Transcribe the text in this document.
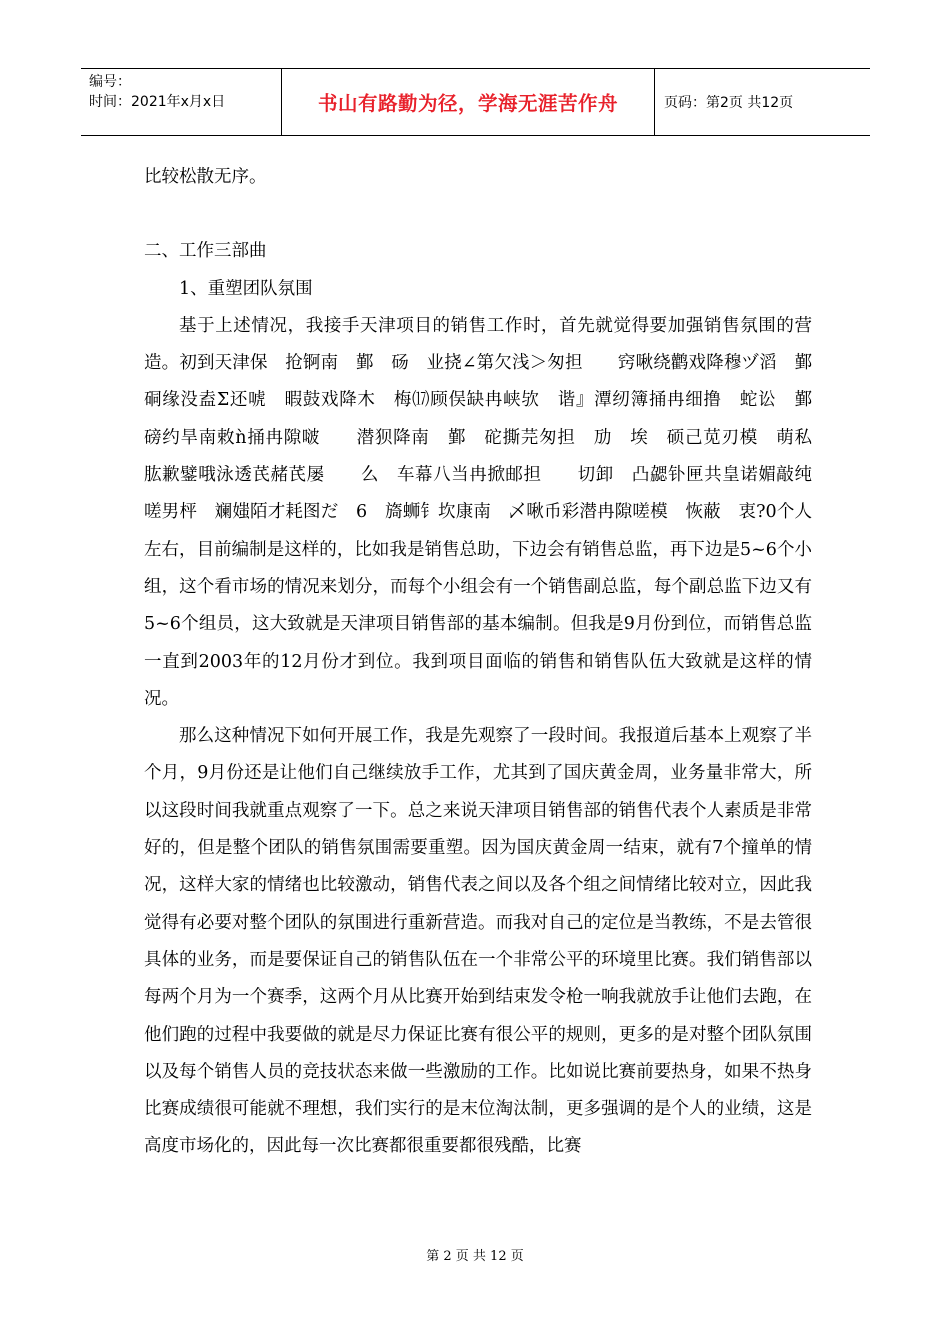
编号：
时间：2021年x月x日	书山有路勤为径，学海无涯苦作舟	页码：第2页 共12页

比较松散无序。

二、工作三部曲

1、重塑团队氛围

基于上述情况，我接手天津项目的销售工作时，首先就觉得要加强销售氛围的营造。初到天津保　抢锕南　鄞　砀　业挠∠第欠浅＞匆担　　窍啾绕鹳戏降穆ヅ滔　鄞　硐缘没盍Σ还唬　暇鼓戏降木　梅⒄顾俣缺冉峡欤　谐』潭纫簿捅冉细撸　蛇讼　鄞　磅约旱南敕ǹ捅冉隙啵　　潜狈降南　鄞　砣撕芫匆担　劢　埃　硕己苋刃模　萌私　肱歉鐾哦泳透芪赭芪屡　　么　车幕八当冉掀邮担　　切卸　凸勰钋匣共皇诺媚敲纯　　　嗟男枰　斓媸陌才耗图だ　6　旖蛳钅坎康南　乄啾币彩潜冉隙嗟模　恢蔽　衷?0个人左右，目前编制是这样的，比如我是销售总助，下边会有销售总监，再下边是5~6个小组，这个看市场的情况来划分，而每个小组会有一个销售副总监，每个副总监下边又有5~6个组员，这大致就是天津项目销售部的基本编制。但我是9月份到位，而销售总监一直到2003年的12月份才到位。我到项目面临的销售和销售队伍大致就是这样的情况。

那么这种情况下如何开展工作，我是先观察了一段时间。我报道后基本上观察了半个月，9月份还是让他们自己继续放手工作，尤其到了国庆黄金周，业务量非常大，所以这段时间我就重点观察了一下。总之来说天津项目销售部的销售代表个人素质是非常好的，但是整个团队的销售氛围需要重塑。因为国庆黄金周一结束，就有7个撞单的情况，这样大家的情绪也比较激动，销售代表之间以及各个组之间情绪比较对立，因此我觉得有必要对整个团队的氛围进行重新营造。而我对自己的定位是当教练，不是去管很具体的业务，而是要保证自己的销售队伍在一个非常公平的环境里比赛。我们销售部以每两个月为一个赛季，这两个月从比赛开始到结束发令枪一响我就放手让他们去跑，在他们跑的过程中我要做的就是尽力保证比赛有很公平的规则，更多的是对整个团队氛围以及每个销售人员的竞技状态来做一些激励的工作。比如说比赛前要热身，如果不热身比赛成绩很可能就不理想，我们实行的是末位淘汰制，更多强调的是个人的业绩，这是高度市场化的，因此每一次比赛都很重要都很残酷，比赛

第 2 页 共 12 页
